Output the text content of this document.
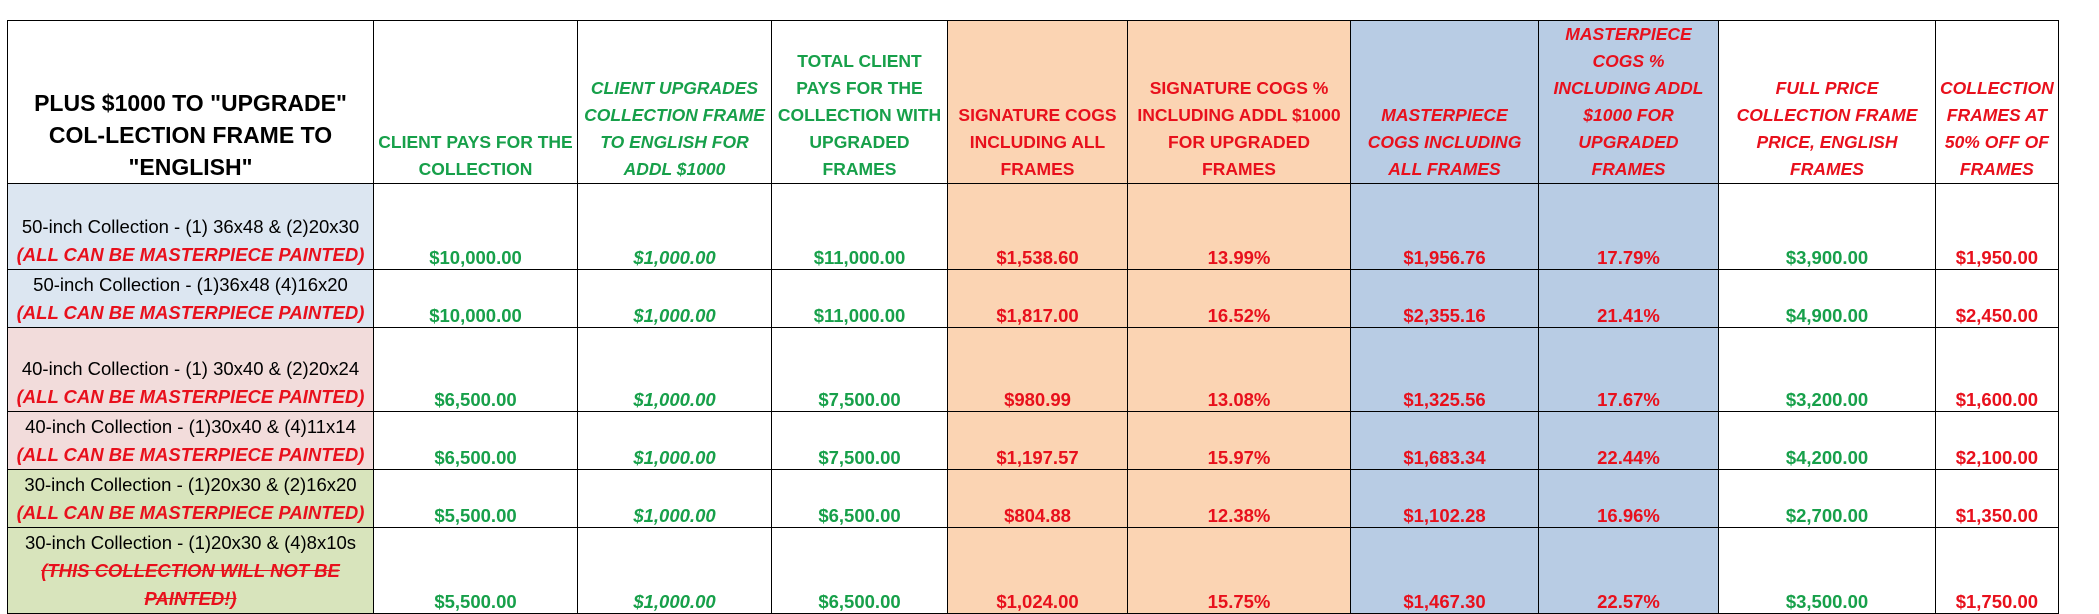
PLUS $1000 TO "UPGRADE" COL-LECTION FRAME TO "ENGLISH"	CLIENT PAYS FOR THE COLLECTION	CLIENT UPGRADES COLLECTION FRAME TO ENGLISH FOR ADDL $1000	TOTAL CLIENT PAYS FOR THE COLLECTION WITH UPGRADED FRAMES	SIGNATURE COGS INCLUDING ALL FRAMES	SIGNATURE COGS % INCLUDING ADDL $1000 FOR UPGRADED FRAMES	MASTERPIECE COGS INCLUDING ALL FRAMES	MASTERPIECE COGS % INCLUDING ADDL $1000 FOR UPGRADED FRAMES	FULL PRICE COLLECTION FRAME PRICE, ENGLISH FRAMES	COLLECTION FRAMES AT 50% OFF OF FRAMES
50-inch Collection - (1) 36x48 & (2)20x30
(ALL CAN BE MASTERPIECE PAINTED)	$10,000.00	$1,000.00	$11,000.00	$1,538.60	13.99%	$1,956.76	17.79%	$3,900.00	$1,950.00
50-inch Collection - (1)36x48 (4)16x20 (ALL CAN BE MASTERPIECE PAINTED)	$10,000.00	$1,000.00	$11,000.00	$1,817.00	16.52%	$2,355.16	21.41%	$4,900.00	$2,450.00
40-inch Collection - (1) 30x40 & (2)20x24
(ALL CAN BE MASTERPIECE PAINTED)	$6,500.00	$1,000.00	$7,500.00	$980.99	13.08%	$1,325.56	17.67%	$3,200.00	$1,600.00
40-inch Collection - (1)30x40 & (4)11x14
(ALL CAN BE MASTERPIECE PAINTED)	$6,500.00	$1,000.00	$7,500.00	$1,197.57	15.97%	$1,683.34	22.44%	$4,200.00	$2,100.00
30-inch Collection - (1)20x30 & (2)16x20
(ALL CAN BE MASTERPIECE PAINTED)	$5,500.00	$1,000.00	$6,500.00	$804.88	12.38%	$1,102.28	16.96%	$2,700.00	$1,350.00
30-inch Collection - (1)20x30 & (4)8x10s
(THIS COLLECTION WILL NOT BE PAINTED!)	$5,500.00	$1,000.00	$6,500.00	$1,024.00	15.75%	$1,467.30	22.57%	$3,500.00	$1,750.00
